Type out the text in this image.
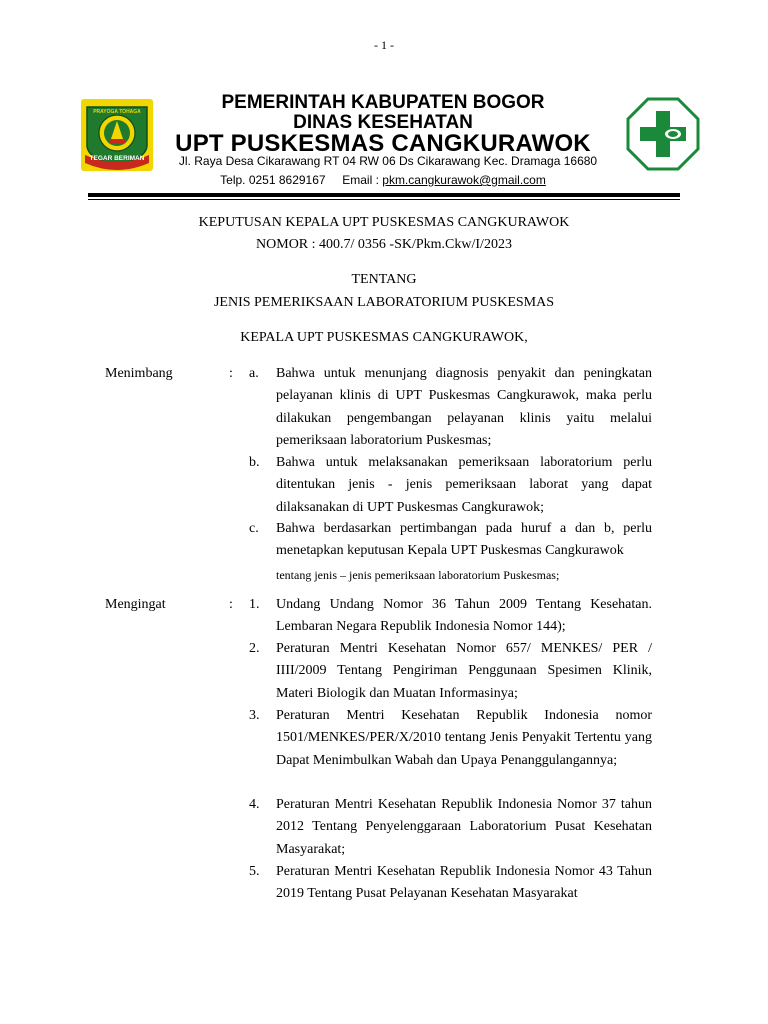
- 1 -
TEGAR BERIMAN
PRAYOGA TOHAGA	PEMERINTAH KABUPATEN BOGOR
DINAS KESEHATAN
UPT PUSKESMAS CANGKURAWOK
Jl. Raya Desa Cikarawang RT 04 RW 06 Ds Cikarawang Kec. Dramaga 16680
Telp. 0251 8629167 Email : pkm.cangkurawok@gmail.com
KEPUTUSAN KEPALA UPT PUSKESMAS CANGKURAWOK
NOMOR : 400.7/ 0356 -SK/Pkm.Ckw/I/2023
TENTANG
JENIS PEMERIKSAAN LABORATORIUM PUSKESMAS
KEPALA UPT PUSKESMAS CANGKURAWOK,
Menimbang	: a. Bahwa untuk menunjang diagnosis penyakit dan peningkatan pelayanan klinis di UPT Puskesmas Cangkurawok, maka perlu dilakukan pengembangan pelayanan klinis yaitu melalui pemeriksaan laboratorium Puskesmas;
b. Bahwa untuk melaksanakan pemeriksaan laboratorium perlu ditentukan jenis - jenis pemeriksaan laborat yang dapat dilaksanakan di UPT Puskesmas Cangkurawok;
c. Bahwa berdasarkan pertimbangan pada huruf a dan b, perlu menetapkan keputusan Kepala UPT Puskesmas Cangkurawok
tentang jenis – jenis pemeriksaan laboratorium Puskesmas;
Mengingat	: 1. Undang Undang Nomor 36 Tahun 2009 Tentang Kesehatan. Lembaran Negara Republik Indonesia Nomor 144);
2. Peraturan Mentri Kesehatan Nomor 657/ MENKES/ PER / IIII/2009 Tentang Pengiriman Penggunaan Spesimen Klinik, Materi Biologik dan Muatan Informasinya;
3. Peraturan Mentri Kesehatan Republik Indonesia nomor 1501/MENKES/PER/X/2010 tentang Jenis Penyakit Tertentu yang Dapat Menimbulkan Wabah dan Upaya Penanggulangannya;
4. Peraturan Mentri Kesehatan Republik Indonesia Nomor 37 tahun 2012 Tentang Penyelenggaraan Laboratorium Pusat Kesehatan Masyarakat;
5. Peraturan Mentri Kesehatan Republik Indonesia Nomor 43 Tahun 2019 Tentang Pusat Pelayanan Kesehatan Masyarakat
